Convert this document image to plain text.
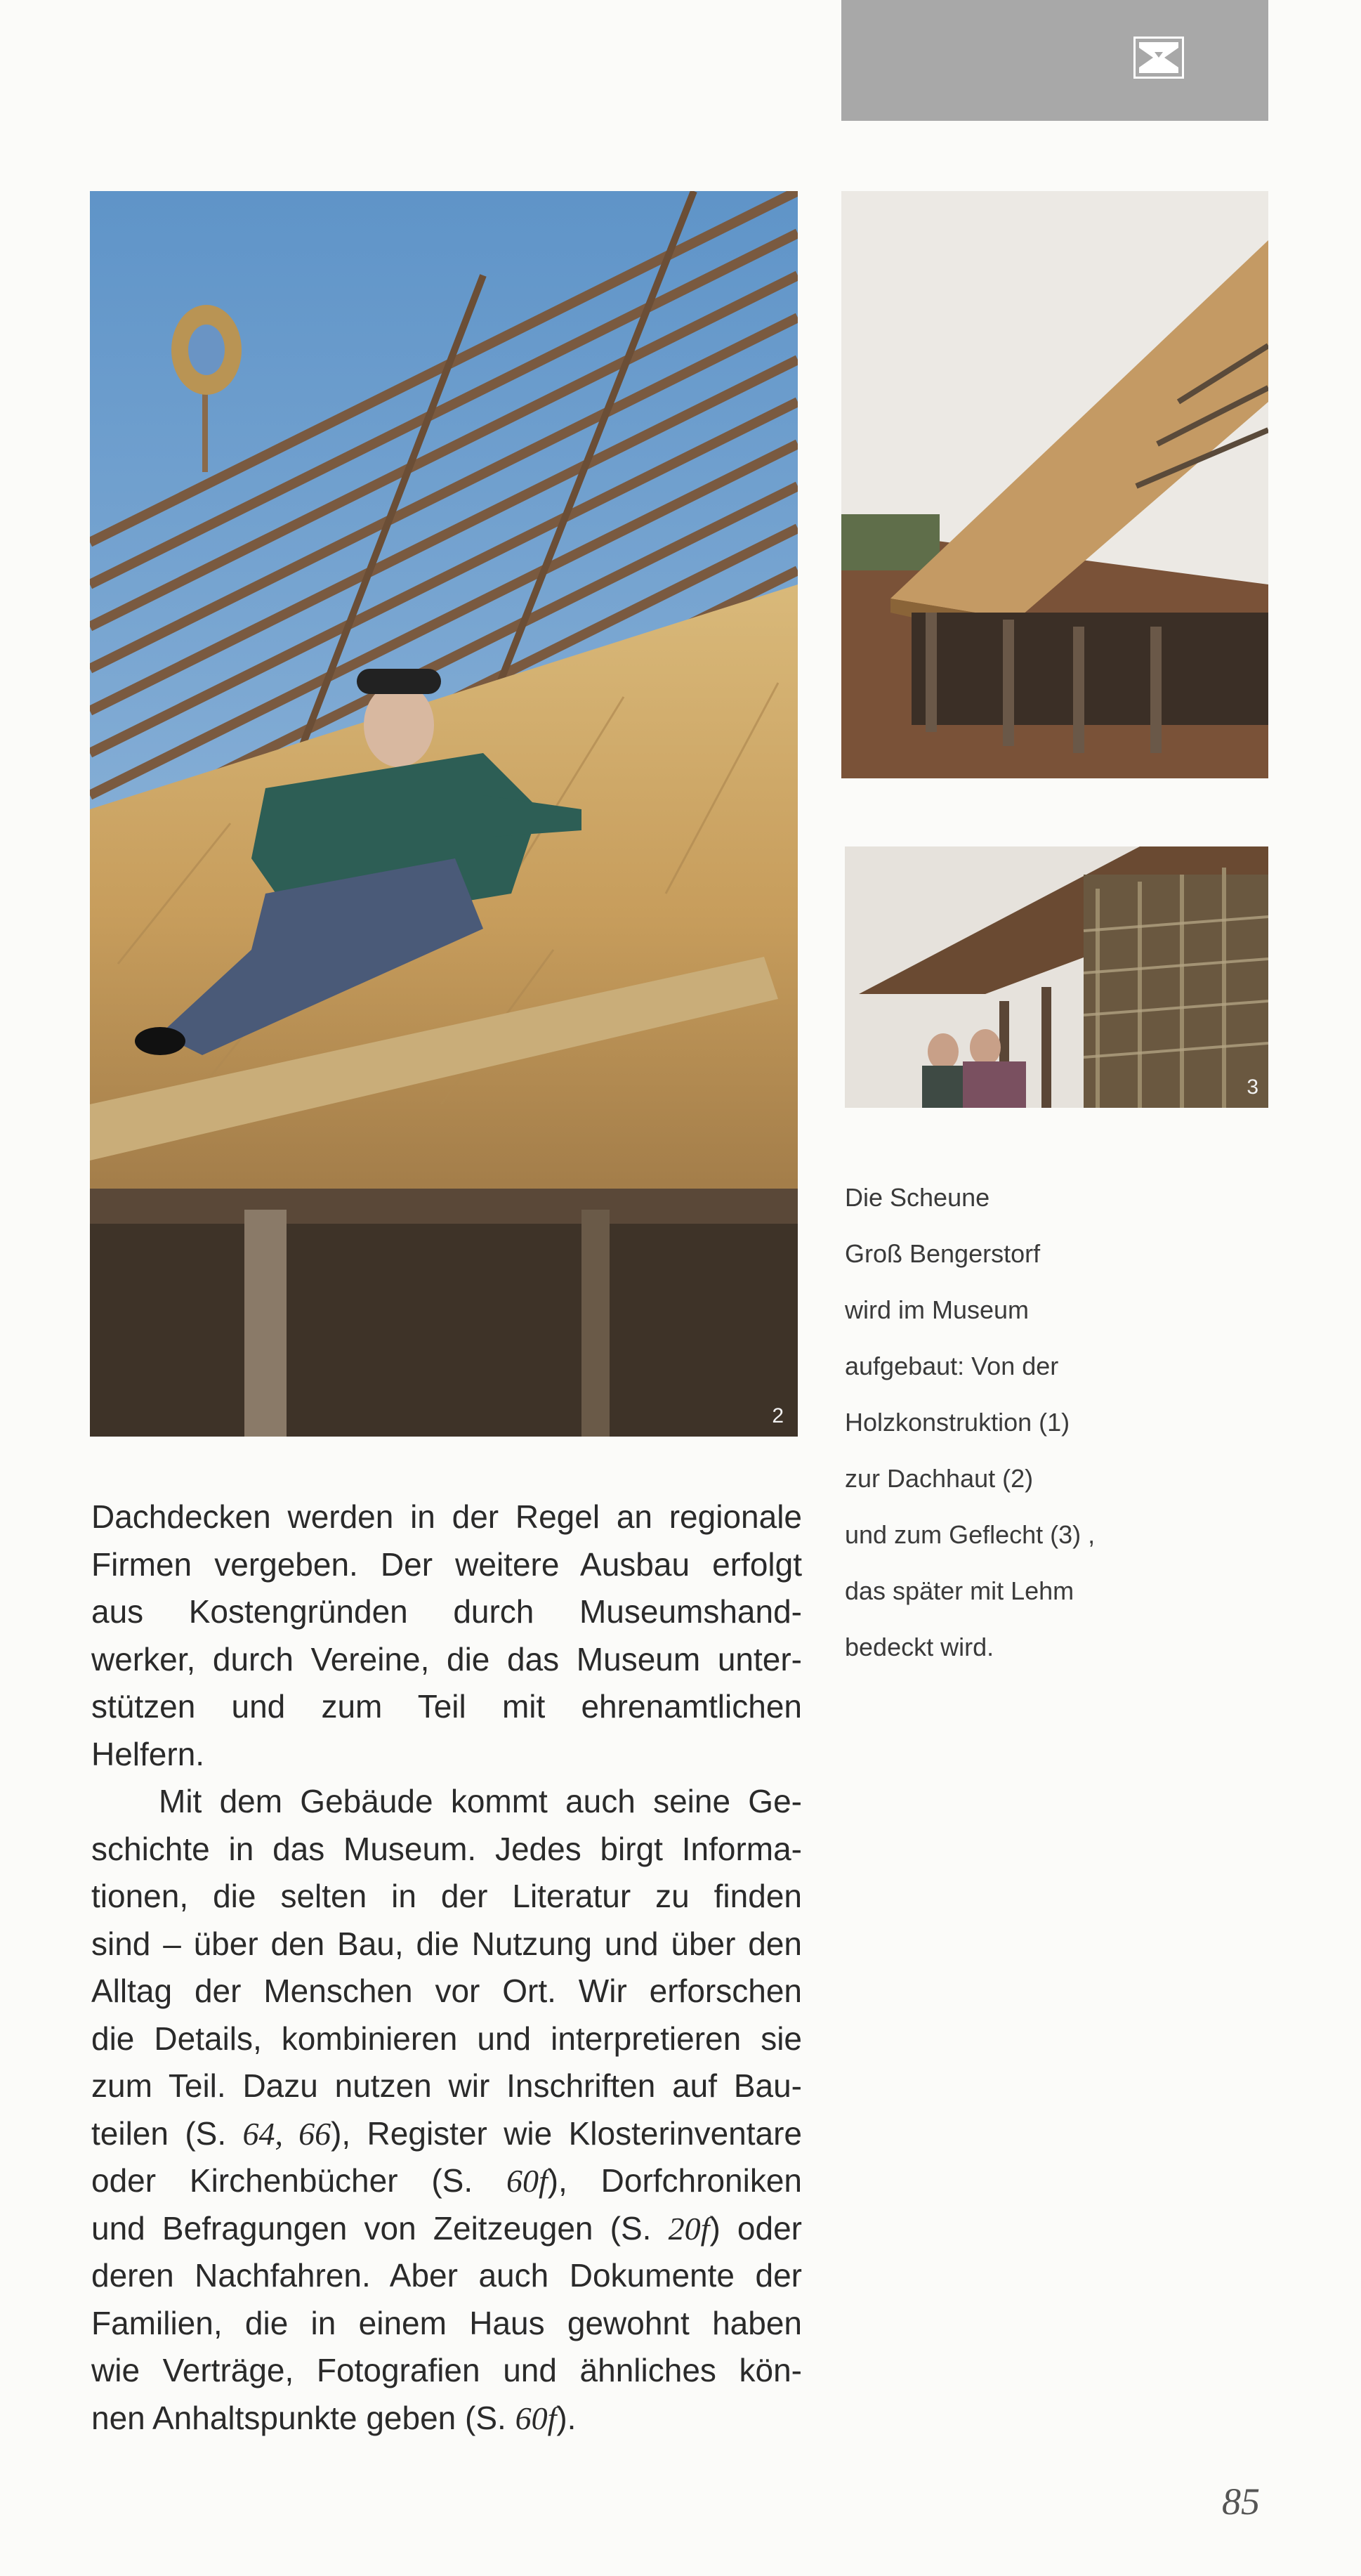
2
3
Die Scheune
Groß Bengerstorf
wird im Museum
aufgebaut: Von der
Holzkonstruktion (1)
zur Dachhaut (2)
und zum Geflecht (3) ,
das später mit Lehm
bedeckt wird.
Dachdecken werden in der Regel an regionale
Firmen vergeben. Der weitere Ausbau erfolgt
aus Kostengründen durch Museumshand-
werker, durch Vereine, die das Museum unter-
stützen und zum Teil mit ehrenamtlichen
Helfern.
Mit dem Gebäude kommt auch seine Ge-
schichte in das Museum. Jedes birgt Informa-
tionen, die selten in der Literatur zu finden
sind – über den Bau, die Nutzung und über den
Alltag der Menschen vor Ort. Wir erforschen
die Details, kombinieren und interpretieren sie
zum Teil. Dazu nutzen wir Inschriften auf Bau-
teilen (S. 64, 66), Register wie Klosterinventare
oder Kirchenbücher (S. 60f), Dorfchroniken
und Befragungen von Zeitzeugen (S. 20f) oder
deren Nachfahren. Aber auch Dokumente der
Familien, die in einem Haus gewohnt haben
wie Verträge, Fotografien und ähnliches kön-
nen Anhaltspunkte geben (S. 60f).
85
